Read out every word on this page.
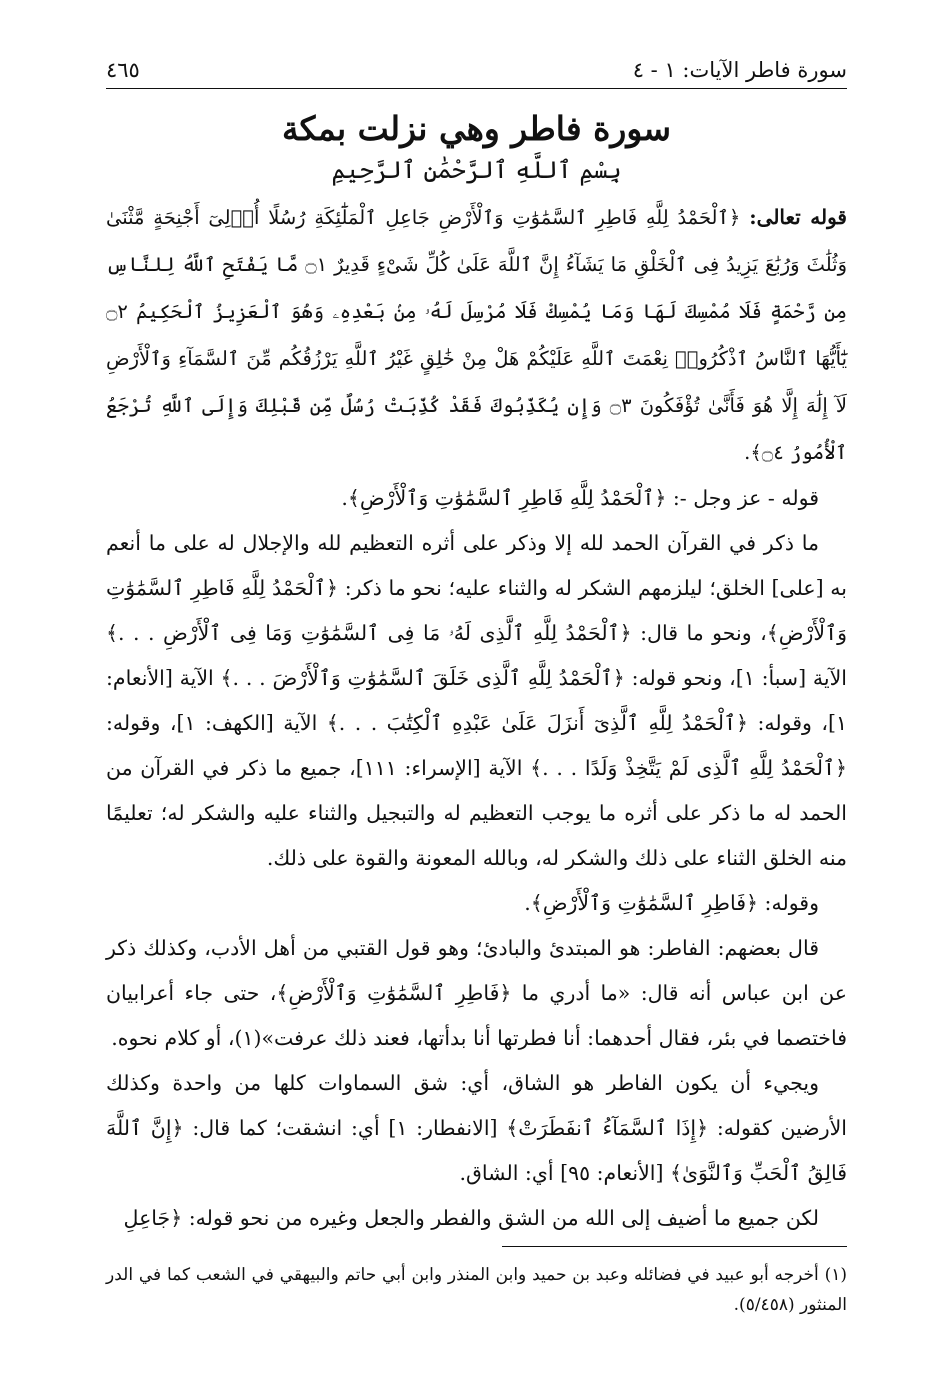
سورة فاطر الآيات: ١ - ٤
٤٦٥
سورة فاطر وهي نزلت بمكة
بِسْمِ ٱللَّهِ ٱلرَّحْمَٰنِ ٱلرَّحِيمِ

قوله تعالى: ﴿ٱلْحَمْدُ لِلَّهِ فَاطِرِ ٱلسَّمَٰوَٰتِ وَٱلْأَرْضِ جَاعِلِ ٱلْمَلَٰٓئِكَةِ رُسُلًا أُو۟لِىٓ أَجْنِحَةٍ مَّثْنَىٰ وَثُلَٰثَ وَرُبَٰعَ يَزِيدُ فِى ٱلْخَلْقِ مَا يَشَآءُ إِنَّ ٱللَّهَ عَلَىٰ كُلِّ شَىْءٍ قَدِيرٌ ۝١ مَّا يَفْتَحِ ٱللَّهُ لِلنَّاسِ مِن رَّحْمَةٍ فَلَا مُمْسِكَ لَهَا وَمَا يُمْسِكْ فَلَا مُرْسِلَ لَهُۥ مِنۢ بَعْدِهِۦ وَهُوَ ٱلْعَزِيزُ ٱلْحَكِيمُ ۝٢ يَٰٓأَيُّهَا ٱلنَّاسُ ٱذْكُرُوا۟ نِعْمَتَ ٱللَّهِ عَلَيْكُمْ هَلْ مِنْ خَٰلِقٍ غَيْرُ ٱللَّهِ يَرْزُقُكُم مِّنَ ٱلسَّمَآءِ وَٱلْأَرْضِ لَآ إِلَٰهَ إِلَّا هُوَ فَأَنَّىٰ تُؤْفَكُونَ ۝٣ وَإِن يُكَذِّبُوكَ فَقَدْ كُذِّبَتْ رُسُلٌ مِّن قَبْلِكَ وَإِلَى ٱللَّهِ تُرْجَعُ ٱلْأُمُورُ ۝٤﴾.

قوله - عز وجل -: ﴿ٱلْحَمْدُ لِلَّهِ فَاطِرِ ٱلسَّمَٰوَٰتِ وَٱلْأَرْضِ﴾.

ما ذكر في القرآن الحمد لله إلا وذكر على أثره التعظيم لله والإجلال له على ما أنعم به [على] الخلق؛ ليلزمهم الشكر له والثناء عليه؛ نحو ما ذكر: ﴿ٱلْحَمْدُ لِلَّهِ فَاطِرِ ٱلسَّمَٰوَٰتِ وَٱلْأَرْضِ﴾، ونحو ما قال: ﴿ٱلْحَمْدُ لِلَّهِ ٱلَّذِى لَهُۥ مَا فِى ٱلسَّمَٰوَٰتِ وَمَا فِى ٱلْأَرْضِ . . .﴾ الآية [سبأ: ١]، ونحو قوله: ﴿ٱلْحَمْدُ لِلَّهِ ٱلَّذِى خَلَقَ ٱلسَّمَٰوَٰتِ وَٱلْأَرْضَ . . .﴾ الآية [الأنعام: ١]، وقوله: ﴿ٱلْحَمْدُ لِلَّهِ ٱلَّذِىٓ أَنزَلَ عَلَىٰ عَبْدِهِ ٱلْكِتَٰبَ . . .﴾ الآية [الكهف: ١]، وقوله: ﴿ٱلْحَمْدُ لِلَّهِ ٱلَّذِى لَمْ يَتَّخِذْ وَلَدًا . . .﴾ الآية [الإسراء: ١١١]، جميع ما ذكر في القرآن من الحمد له ما ذكر على أثره ما يوجب التعظيم له والتبجيل والثناء عليه والشكر له؛ تعليمًا منه الخلق الثناء على ذلك والشكر له، وبالله المعونة والقوة على ذلك.

وقوله: ﴿فَاطِرِ ٱلسَّمَٰوَٰتِ وَٱلْأَرْضِ﴾.

قال بعضهم: الفاطر: هو المبتدئ والبادئ؛ وهو قول القتبي من أهل الأدب، وكذلك ذكر عن ابن عباس أنه قال: «ما أدري ما ﴿فَاطِرِ ٱلسَّمَٰوَٰتِ وَٱلْأَرْضِ﴾، حتى جاء أعرابيان فاختصما في بئر، فقال أحدهما: أنا فطرتها أنا بدأتها، فعند ذلك عرفت»(١)، أو كلام نحوه.

ويجيء أن يكون الفاطر هو الشاق، أي: شق السماوات كلها من واحدة وكذلك الأرضين كقوله: ﴿إِذَا ٱلسَّمَآءُ ٱنفَطَرَتْ﴾ [الانفطار: ١] أي: انشقت؛ كما قال: ﴿إِنَّ ٱللَّهَ فَالِقُ ٱلْحَبِّ وَٱلنَّوَىٰ﴾ [الأنعام: ٩٥] أي: الشاق.

لكن جميع ما أضيف إلى الله من الشق والفطر والجعل وغيره من نحو قوله: ﴿جَاعِلِ

(١) أخرجه أبو عبيد في فضائله وعبد بن حميد وابن المنذر وابن أبي حاتم والبيهقي في الشعب كما في الدر المنثور (٥/٤٥٨).
